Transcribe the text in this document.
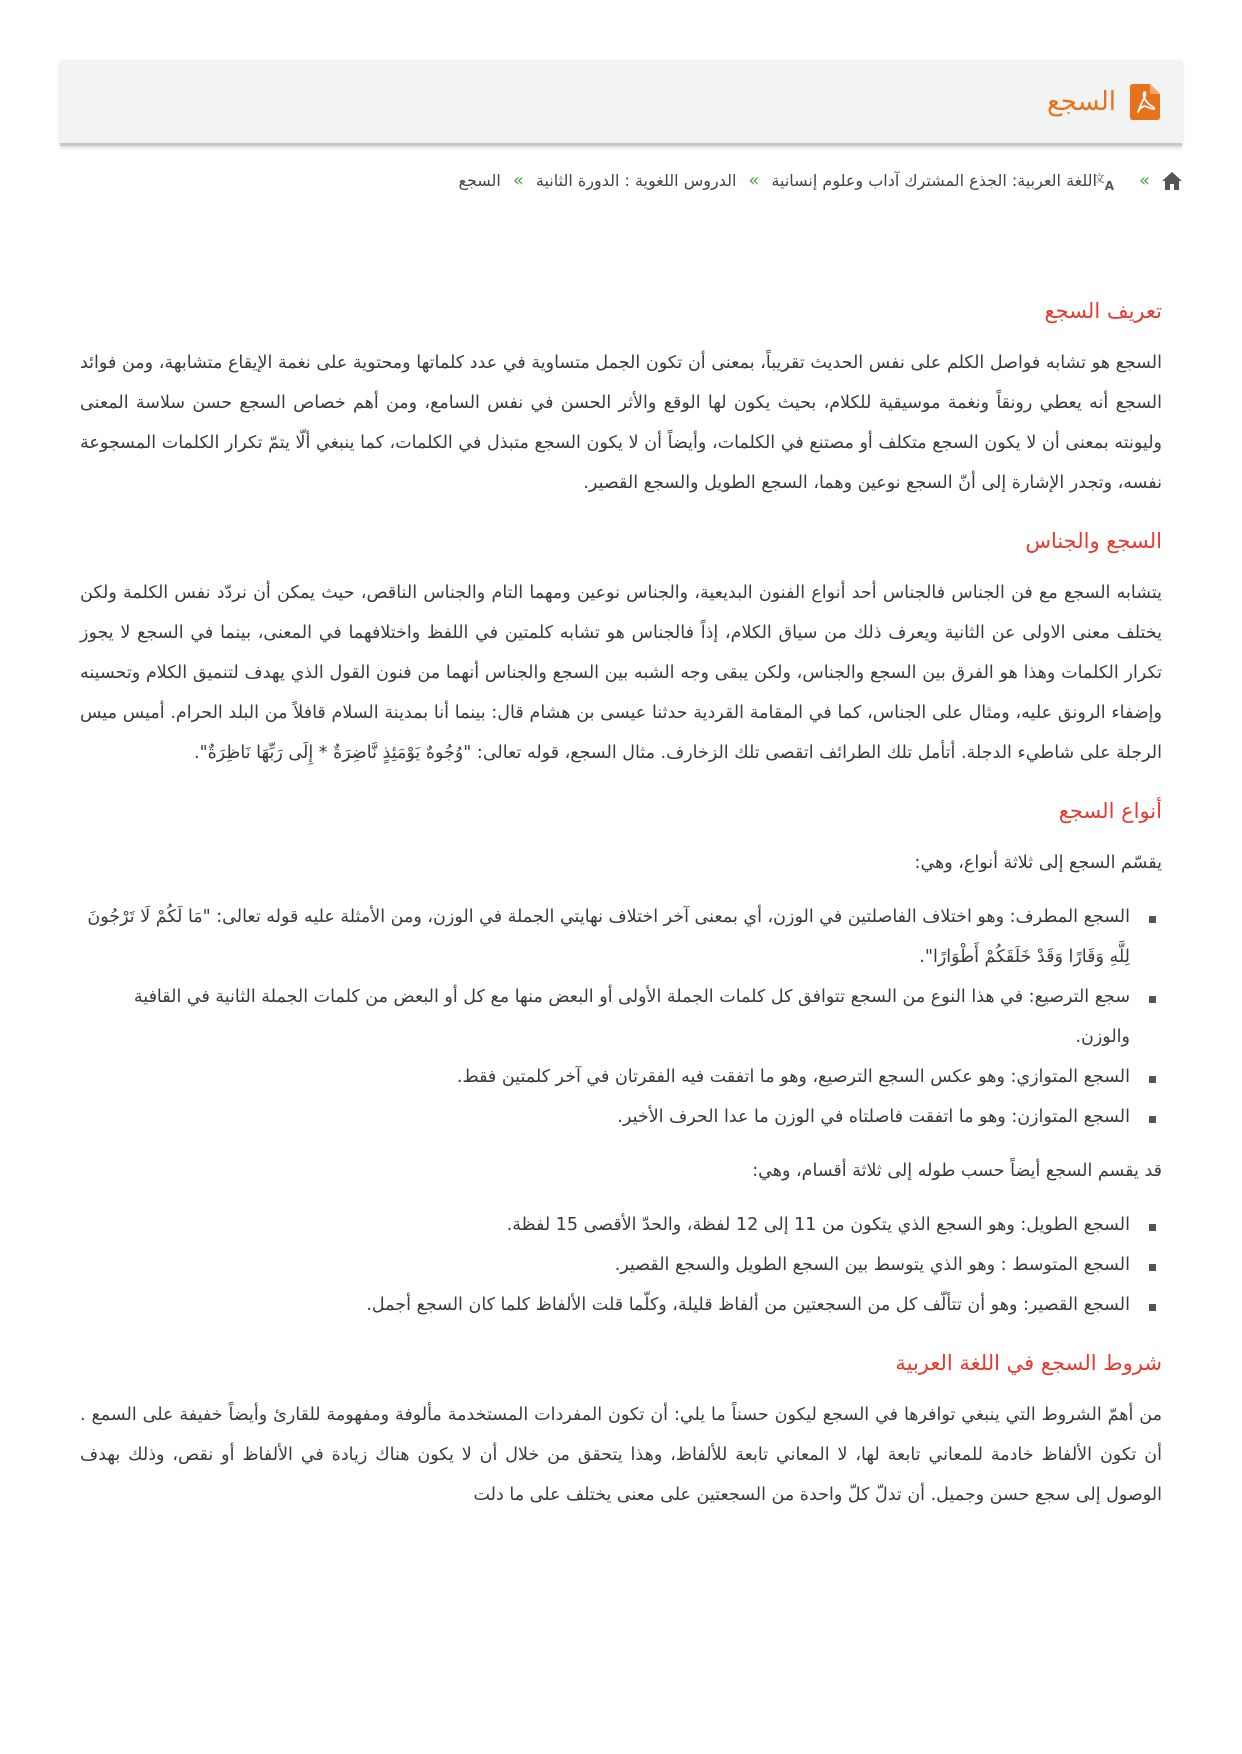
السجع
»
文
A
اللغة العربية: الجذع المشترك آداب وعلوم إنسانية
»
الدروس اللغوية : الدورة الثانية
»
السجع
تعريف السجع

السجع هو تشابه فواصل الكلم على نفس الحديث تقريباً، بمعنى أن تكون الجمل متساوية في عدد كلماتها ومحتوية على نغمة الإيقاع متشابهة، ومن فوائد السجع أنه يعطي رونقاً ونغمة موسيقية للكلام، بحيث يكون لها الوقع والأثر الحسن في نفس السامع، ومن أهم خصاص السجع حسن سلاسة المعنى وليونته بمعنى أن لا يكون السجع متكلف أو مصتنع في الكلمات، وأيضاً أن لا يكون السجع متبذل في الكلمات، كما ينبغي ألّا يتمّ تكرار الكلمات المسجوعة نفسه، وتجدر الإشارة إلى أنّ السجع نوعين وهما، السجع الطويل والسجع القصير.

السجع والجناس

يتشابه السجع مع فن الجناس فالجناس أحد أنواع الفنون البديعية، والجناس نوعين ومهما التام والجناس الناقص، حيث يمكن أن نردّد نفس الكلمة ولكن يختلف معنى الاولى عن الثانية ويعرف ذلك من سياق الكلام، إذاً فالجناس هو تشابه كلمتين في اللفظ واختلافهما في المعنى، بينما في السجع لا يجوز تكرار الكلمات وهذا هو الفرق بين السجع والجناس، ولكن يبقى وجه الشبه بين السجع والجناس أنهما من فنون القول الذي يهدف لتنميق الكلام وتحسينه وإضفاء الرونق عليه، ومثال على الجناس، كما في المقامة القردية حدثنا عيسى بن هشام قال: بينما أنا بمدينة السلام قافلاً من البلد الحرام. أميس ميس الرجلة على شاطيء الدجلة. أتأمل تلك الطرائف اتقصى تلك الزخارف. مثال السجع، قوله تعالى: "وُجُوهٌ يَوْمَئِذٍ نَّاضِرَةٌ * إِلَى رَبِّهَا نَاظِرَةٌ".

أنواع السجع

يقسّم السجع إلى ثلاثة أنواع، وهي:

السجع المطرف: وهو اختلاف الفاصلتين في الوزن، أي بمعنى آخر اختلاف نهايتي الجملة في الوزن، ومن الأمثلة عليه قوله تعالى: "مَا لَكُمْ لَا تَرْجُونَ لِلَّهِ وَقَارًا وَقَدْ خَلَقَكُمْ أَطْوَارًا".
سجع الترصيع: في هذا النوع من السجع تتوافق كل كلمات الجملة الأولى أو البعض منها مع كل أو البعض من كلمات الجملة الثانية في القافية والوزن.
السجع المتوازي: وهو عكس السجع الترصيع، وهو ما اتفقت فيه الفقرتان في آخر كلمتين فقط.
السجع المتوازن: وهو ما اتفقت فاصلتاه في الوزن ما عدا الحرف الأخير.

قد يقسم السجع أيضاً حسب طوله إلى ثلاثة أقسام، وهي:

السجع الطويل: وهو السجع الذي يتكون من 11 إلى 12 لفظة، والحدّ الأقصى 15 لفظة.
السجع المتوسط : وهو الذي يتوسط بين السجع الطويل والسجع القصير.
السجع القصير: وهو أن تتألّف كل من السجعتين من ألفاظ قليلة، وكلّما قلت الألفاظ كلما كان السجع أجمل.
شروط السجع في اللغة العربية

من أهمّ الشروط التي ينبغي توافرها في السجع ليكون حسناً ما يلي: أن تكون المفردات المستخدمة مألوفة ومفهومة للقارئ وأيضاً خفيفة على السمع . أن تكون الألفاظ خادمة للمعاني تابعة لها، لا المعاني تابعة للألفاظ، وهذا يتحقق من خلال أن لا يكون هناك زيادة في الألفاظ أو نقص، وذلك بهدف الوصول إلى سجع حسن وجميل. أن تدلّ كلّ واحدة من السجعتين على معنى يختلف على ما دلت
